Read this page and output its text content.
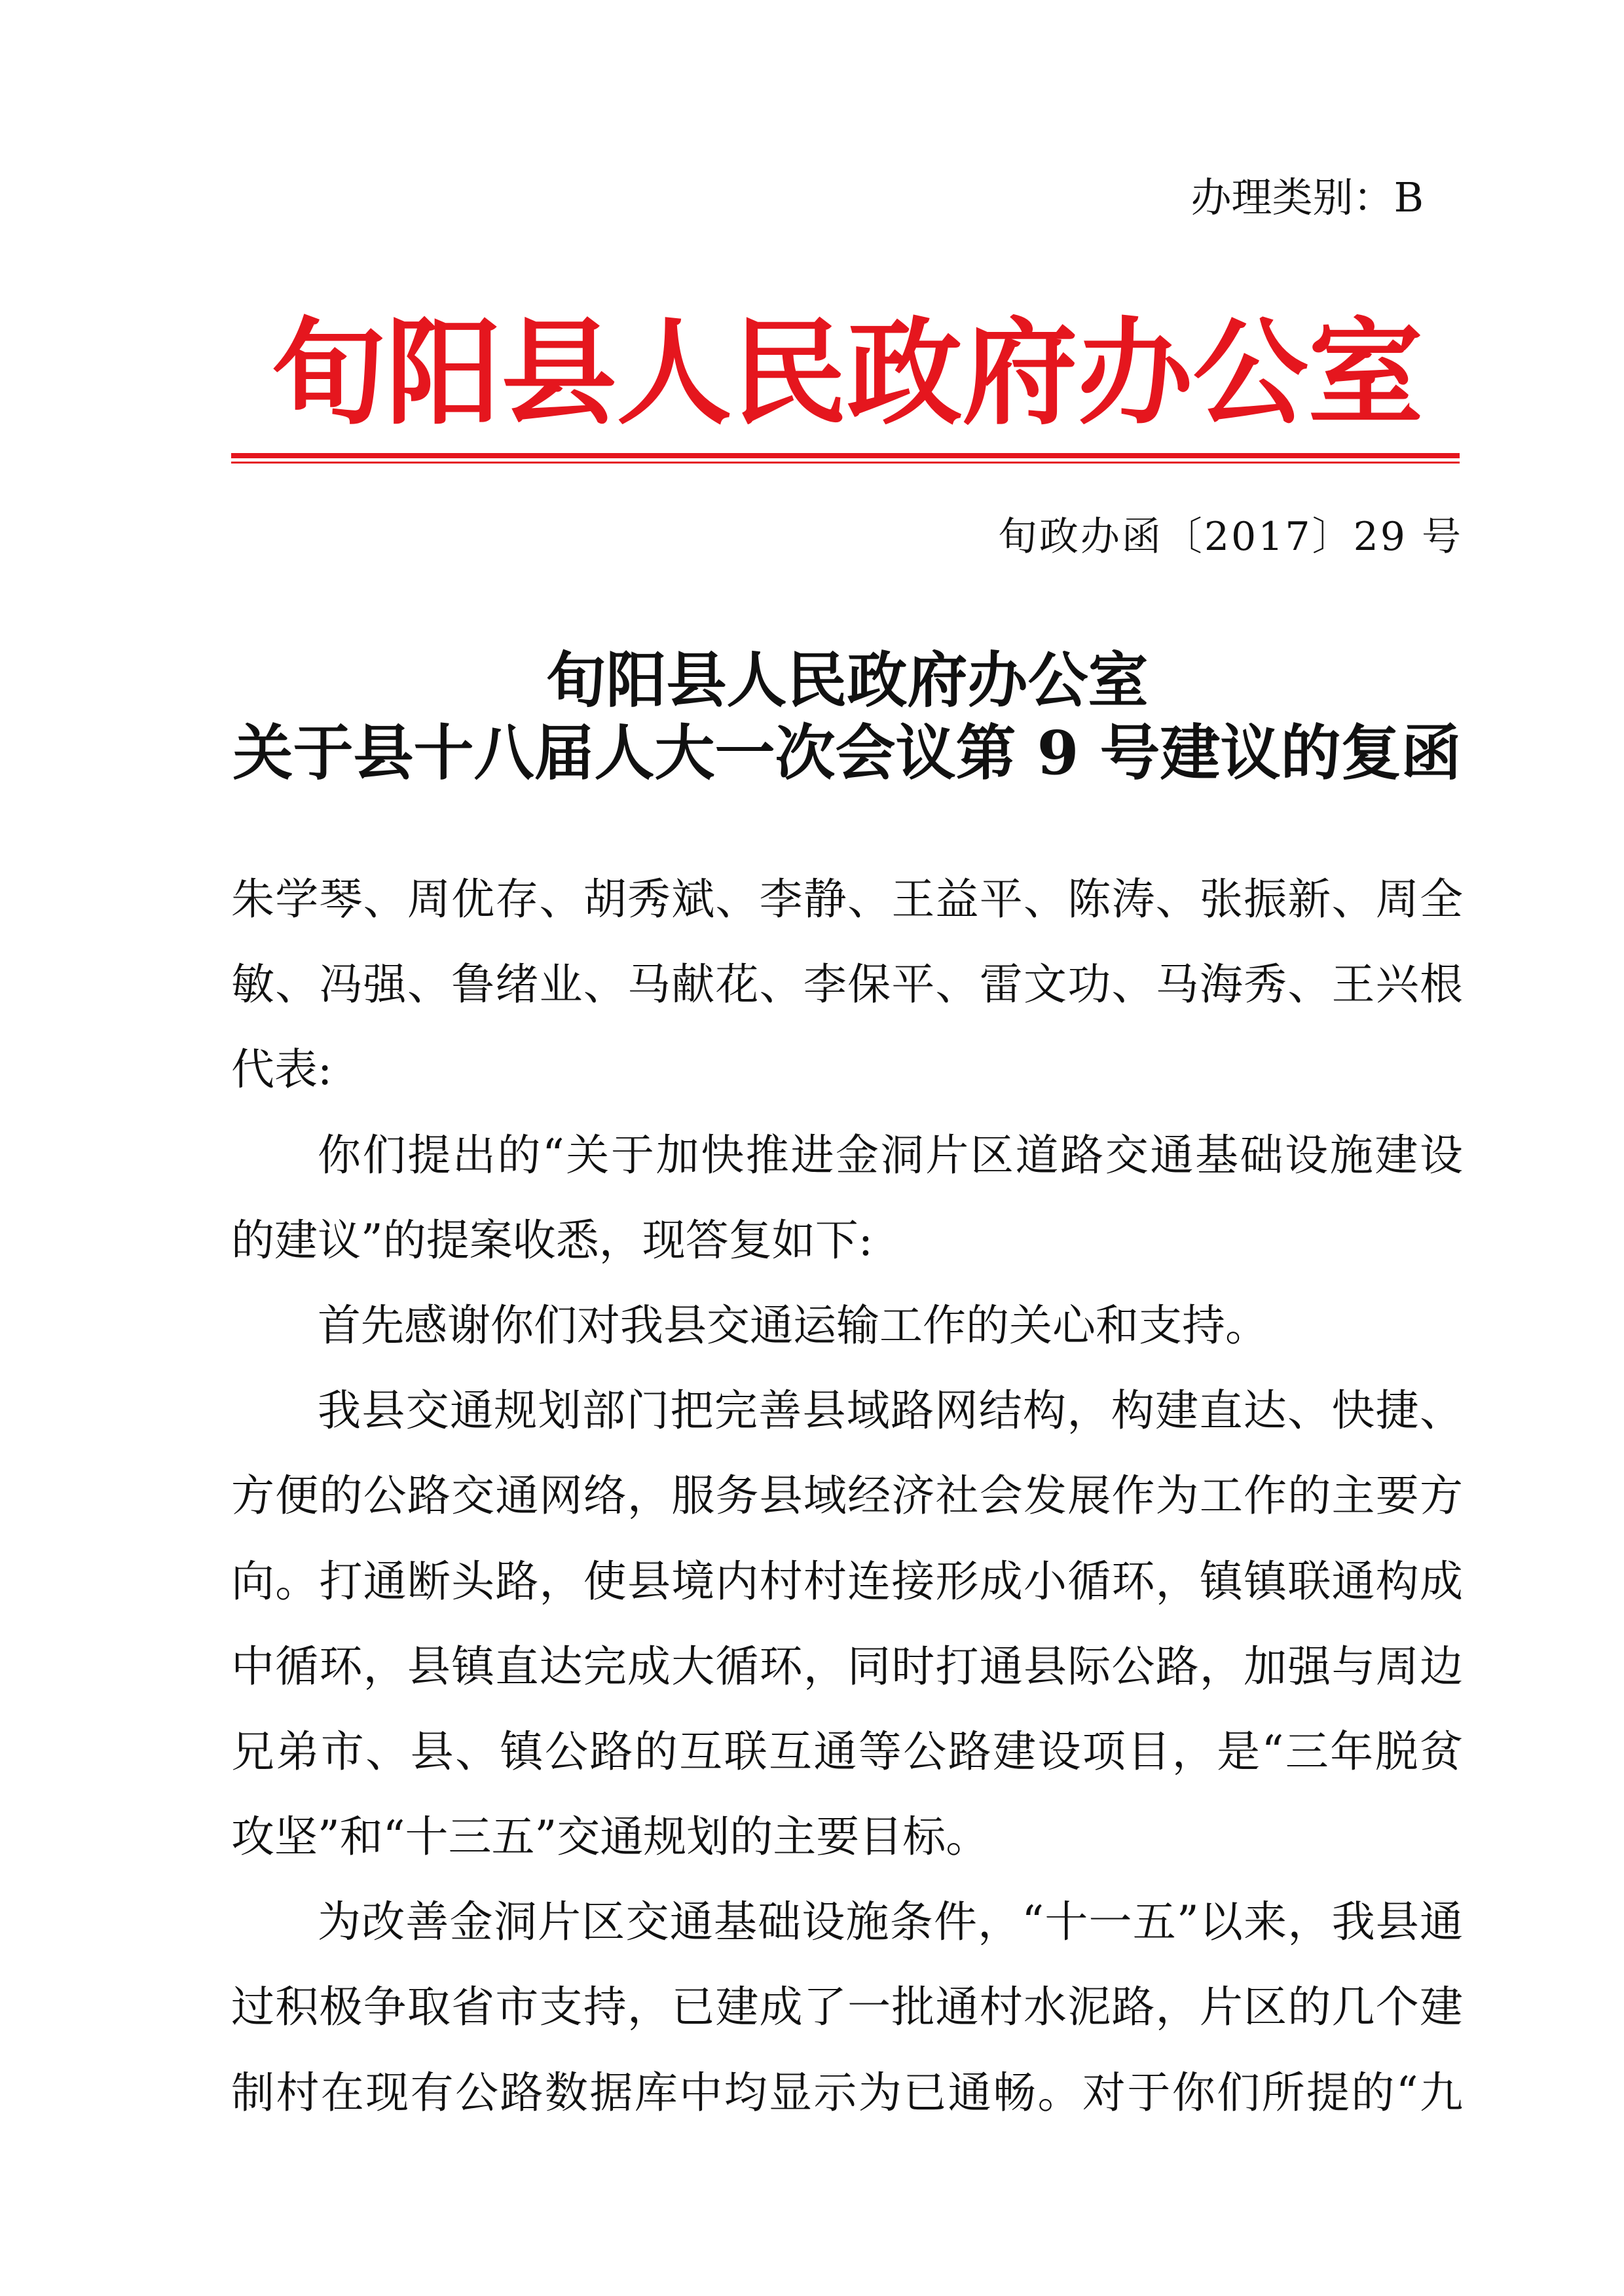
办理类别：B
旬阳县人民政府办公室
旬政办函〔2017〕29 号
旬阳县人民政府办公室
关于县十八届人大一次会议第 9 号建议的复函
朱学琴、周优存、胡秀斌、李静、王益平、陈涛、张振新、周全
敏、冯强、鲁绪业、马献花、李保平、雷文功、马海秀、王兴根
代表:
你们提出的“关于加快推进金洞片区道路交通基础设施建设
的建议”的提案收悉，现答复如下:
首先感谢你们对我县交通运输工作的关心和支持。
我县交通规划部门把完善县域路网结构，构建直达、快捷、
方便的公路交通网络，服务县域经济社会发展作为工作的主要方
向。打通断头路，使县境内村村连接形成小循环，镇镇联通构成
中循环，县镇直达完成大循环，同时打通县际公路，加强与周边
兄弟市、县、镇公路的互联互通等公路建设项目，是“三年脱贫
攻坚”和“十三五”交通规划的主要目标。
为改善金洞片区交通基础设施条件，“十一五”以来，我县通
过积极争取省市支持，已建成了一批通村水泥路，片区的几个建
制村在现有公路数据库中均显示为已通畅。对于你们所提的“九
